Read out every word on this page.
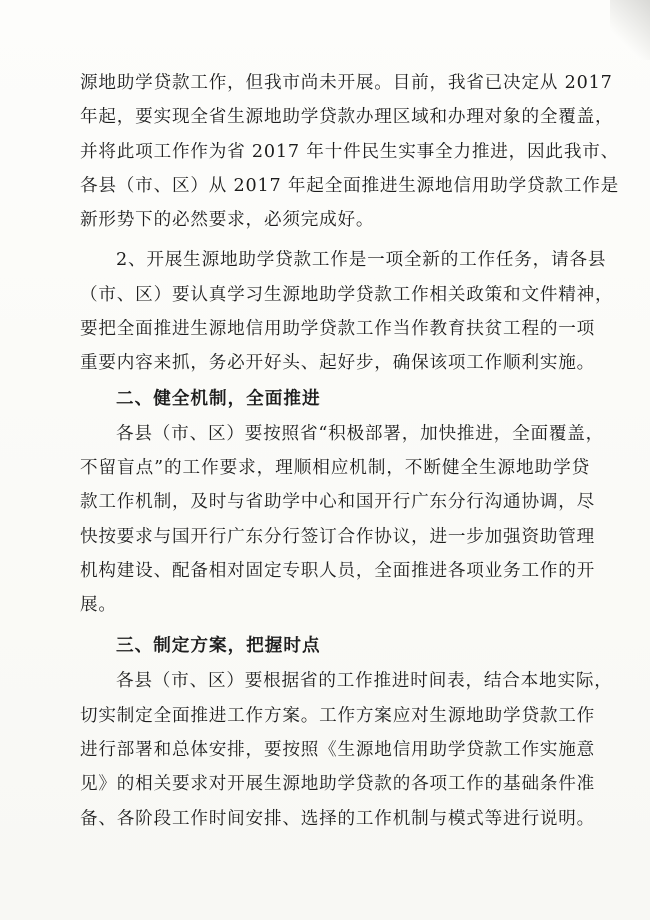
源地助学贷款工作，但我市尚未开展。目前，我省已决定从 2017
年起，要实现全省生源地助学贷款办理区域和办理对象的全覆盖，
并将此项工作作为省 2017 年十件民生实事全力推进，因此我市、
各县（市、区）从 2017 年起全面推进生源地信用助学贷款工作是
新形势下的必然要求，必须完成好。
2、开展生源地助学贷款工作是一项全新的工作任务，请各县
（市、区）要认真学习生源地助学贷款工作相关政策和文件精神，
要把全面推进生源地信用助学贷款工作当作教育扶贫工程的一项
重要内容来抓，务必开好头、起好步，确保该项工作顺利实施。
二、健全机制，全面推进
各县（市、区）要按照省“积极部署，加快推进，全面覆盖，
不留盲点”的工作要求，理顺相应机制，不断健全生源地助学贷
款工作机制，及时与省助学中心和国开行广东分行沟通协调，尽
快按要求与国开行广东分行签订合作协议，进一步加强资助管理
机构建设、配备相对固定专职人员，全面推进各项业务工作的开
展。
三、制定方案，把握时点
各县（市、区）要根据省的工作推进时间表，结合本地实际，
切实制定全面推进工作方案。工作方案应对生源地助学贷款工作
进行部署和总体安排，要按照《生源地信用助学贷款工作实施意
见》的相关要求对开展生源地助学贷款的各项工作的基础条件准
备、各阶段工作时间安排、选择的工作机制与模式等进行说明。
